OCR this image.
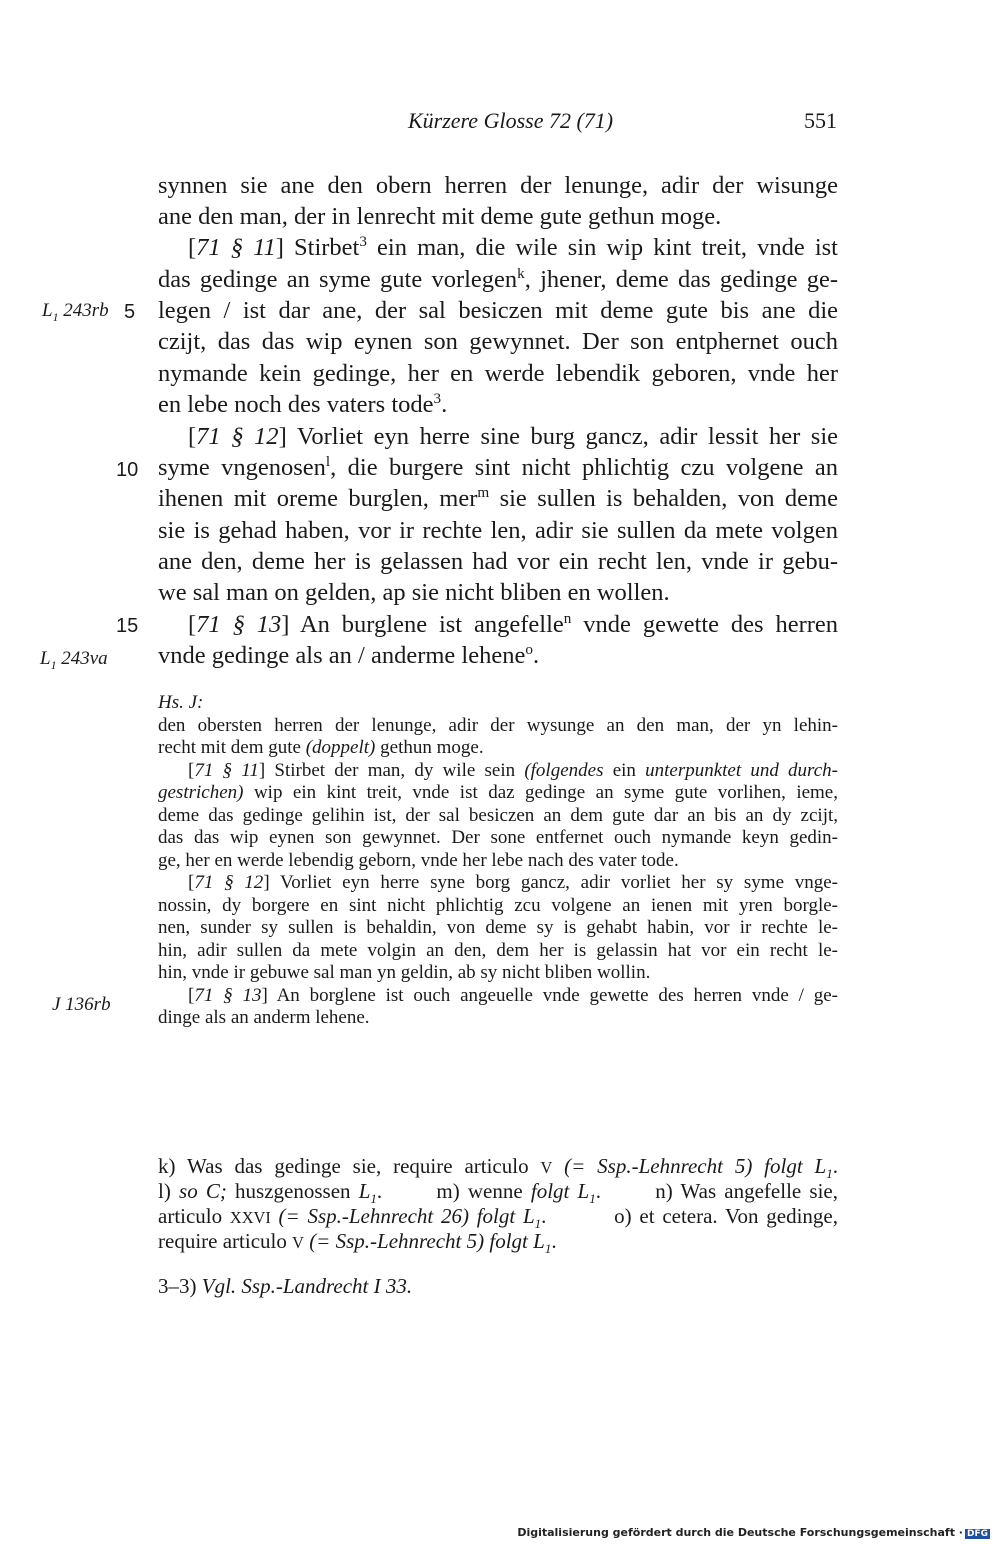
Kürzere Glosse 72 (71)	551
$L_1$ 243rb
$L_1$ 243va
J 136rb
5
10
15
synnen sie ane den obern herren der lenunge, adir der wisunge
ane den man, der in lenrecht mit deme gute gethun moge.
[71 § 11] Stirbet$^3$ ein man, die wile sin wip kint treit, vnde ist
das gedinge an syme gute vorlegen$^k$, jhener, deme das gedinge ge-
legen / ist dar ane, der sal besiczen mit deme gute bis ane die
czijt, das das wip eynen son gewynnet. Der son entphernet ouch
nymande kein gedinge, her en werde lebendik geboren, vnde her
en lebe noch des vaters tode$^3$.
[71 § 12] Vorliet eyn herre sine burg gancz, adir lessit her sie
syme vngenosen$^l$, die burgere sint nicht phlichtig czu volgene an
ihenen mit oreme burglen, mer$^m$ sie sullen is behalden, von deme
sie is gehad haben, vor ir rechte len, adir sie sullen da mete volgen
ane den, deme her is gelassen had vor ein recht len, vnde ir gebu-
we sal man on gelden, ap sie nicht bliben en wollen.
[71 § 13] An burglene ist angefelle$^n$ vnde gewette des herren
vnde gedinge als an / anderme lehene$^o$.
Hs. J:
den obersten herren der lenunge, adir der wysunge an den man, der yn lehin-
recht mit dem gute (doppelt) gethun moge.
[71 § 11] Stirbet der man, dy wile sein (folgendes ein unterpunktet und durch-
gestrichen) wip ein kint treit, vnde ist daz gedinge an syme gute vorlihen, ieme,
deme das gedinge gelihin ist, der sal besiczen an dem gute dar an bis an dy zcijt,
das das wip eynen son gewynnet. Der sone entfernet ouch nymande keyn gedin-
ge, her en werde lebendig geborn, vnde her lebe nach des vater tode.
[71 § 12] Vorliet eyn herre syne borg gancz, adir vorliet her sy syme vnge-
nossin, dy borgere en sint nicht phlichtig zcu volgene an ienen mit yren borgle-
nen, sunder sy sullen is behaldin, von deme sy is gehabt habin, vor ir rechte le-
hin, adir sullen da mete volgin an den, dem her is gelassin hat vor ein recht le-
hin, vnde ir gebuwe sal man yn geldin, ab sy nicht bliben wollin.
[71 § 13] An borglene ist ouch angeuelle vnde gewette des herren vnde / ge-
dinge als an anderm lehene.
k) Was das gedinge sie, require articulo V (= Ssp.-Lehnrecht 5) folgt $L_1$.
l) so C; huszgenossen $L_1$. m) wenne folgt $L_1$. n) Was angefelle sie,
articulo XXVI (= Ssp.-Lehnrecht 26) folgt $L_1$.	o) et cetera. Von gedinge,
require articulo V (= Ssp.-Lehnrecht 5) folgt $L_1$.
3–3) Vgl. Ssp.-Landrecht I 33.
Digitalisierung gefördert durch die Deutsche Forschungsgemeinschaft · DFG
